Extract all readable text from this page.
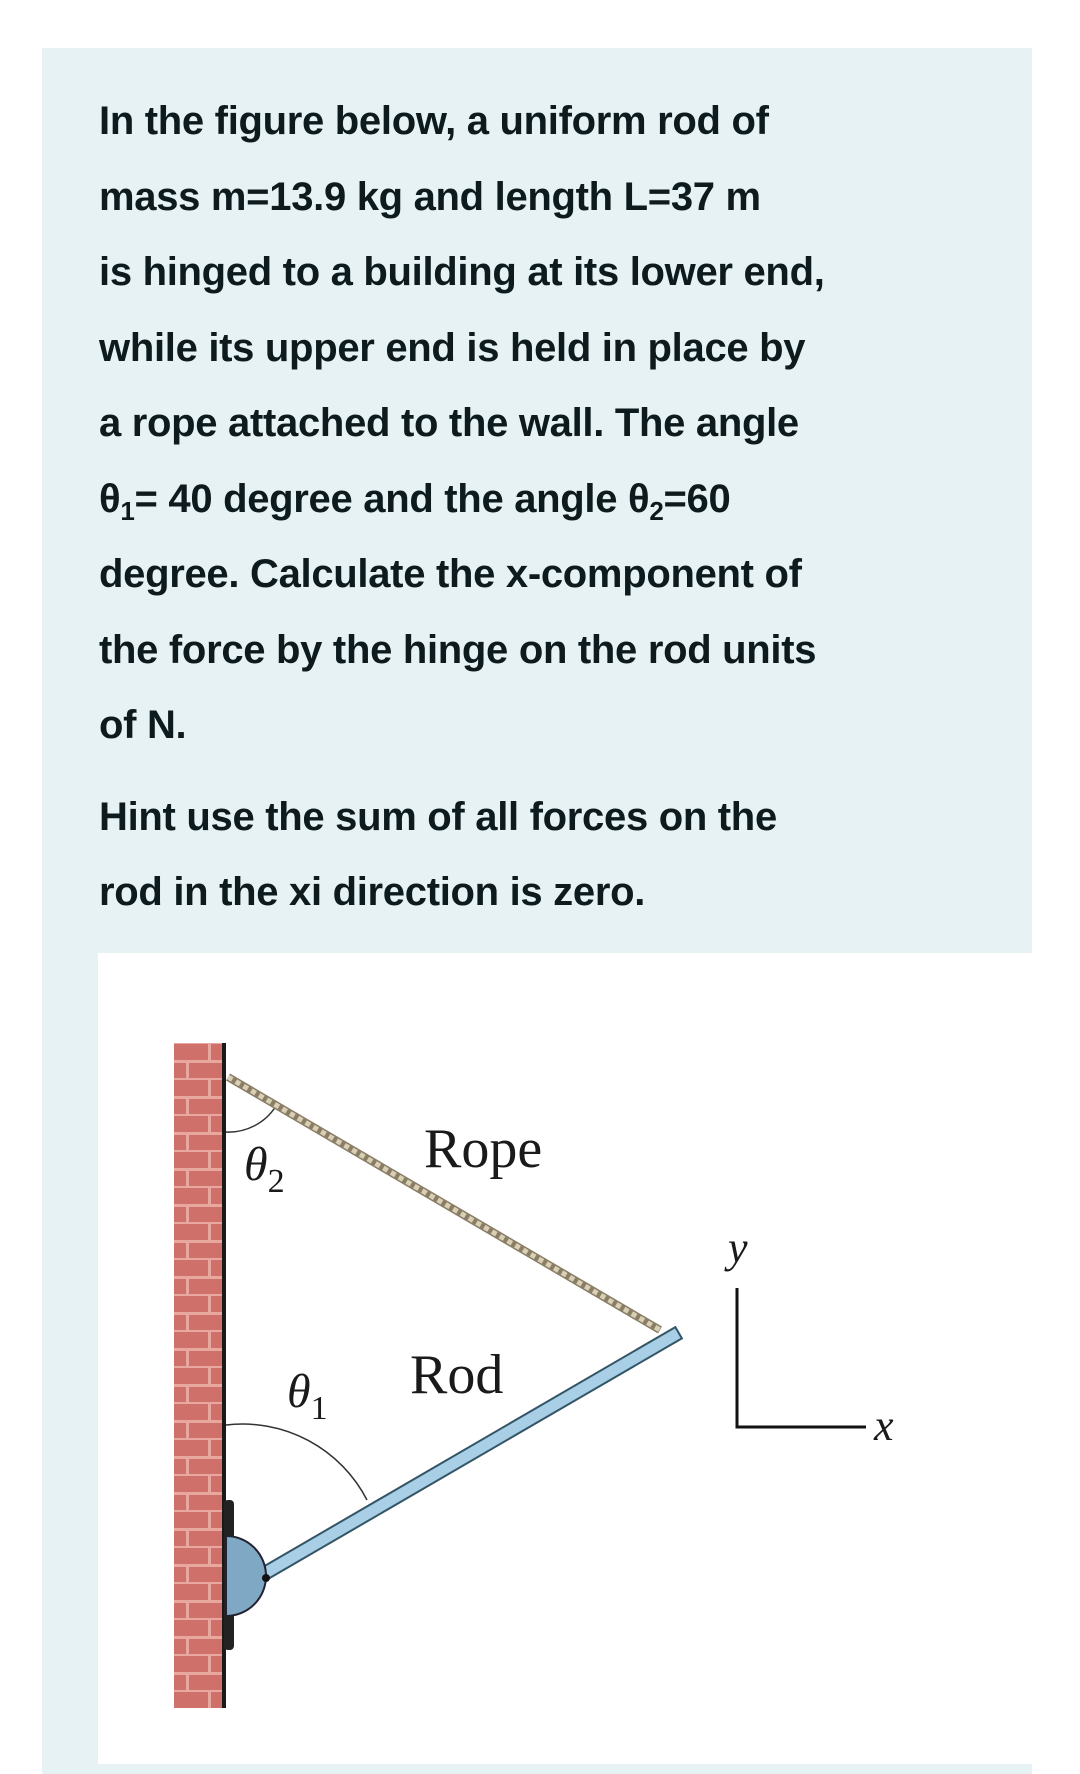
In the figure below, a uniform rod of

mass m=13.9 kg and length L=37 m

is hinged to a building at its lower end,

while its upper end is held in place by

a rope attached to the wall. The angle

$\theta_1= 40$ degree and the angle $\theta_2=60$

degree. Calculate the x-component of

the force by the hinge on the rod units

of N.

Hint use the sum of all forces on the

rod in the xi direction is zero.

Rope
Rod
$\theta_2$
$\theta_1$
y
x
